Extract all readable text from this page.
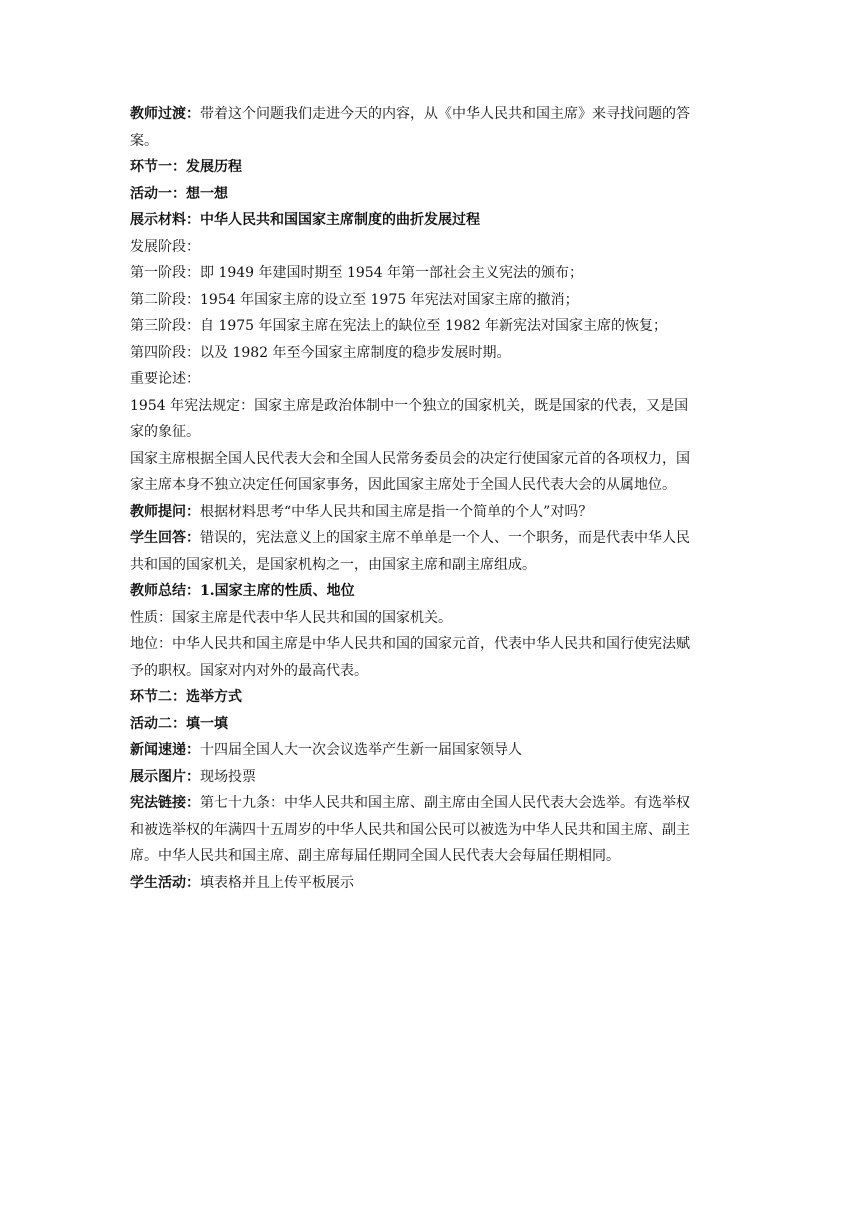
教师过渡：带着这个问题我们走进今天的内容，从《中华人民共和国主席》来寻找问题的答
案。
环节一：发展历程
活动一：想一想
展示材料：中华人民共和国国家主席制度的曲折发展过程
发展阶段：
第一阶段：即 1949 年建国时期至 1954 年第一部社会主义宪法的颁布；
第二阶段：1954 年国家主席的设立至 1975 年宪法对国家主席的撤消；
第三阶段：自 1975 年国家主席在宪法上的缺位至 1982 年新宪法对国家主席的恢复；
第四阶段：以及 1982 年至今国家主席制度的稳步发展时期。
重要论述：
1954 年宪法规定：国家主席是政治体制中一个独立的国家机关，既是国家的代表，又是国
家的象征。
国家主席根据全国人民代表大会和全国人民常务委员会的决定行使国家元首的各项权力，国
家主席本身不独立决定任何国家事务，因此国家主席处于全国人民代表大会的从属地位。
教师提问：根据材料思考“中华人民共和国主席是指一个简单的个人”对吗？
学生回答：错误的，宪法意义上的国家主席不单单是一个人、一个职务，而是代表中华人民
共和国的国家机关，是国家机构之一，由国家主席和副主席组成。
教师总结：1.国家主席的性质、地位
性质：国家主席是代表中华人民共和国的国家机关。
地位：中华人民共和国主席是中华人民共和国的国家元首，代表中华人民共和国行使宪法赋
予的职权。国家对内对外的最高代表。
环节二：选举方式
活动二：填一填
新闻速递：十四届全国人大一次会议选举产生新一届国家领导人
展示图片：现场投票
宪法链接：第七十九条：中华人民共和国主席、副主席由全国人民代表大会选举。有选举权
和被选举权的年满四十五周岁的中华人民共和国公民可以被选为中华人民共和国主席、副主
席。中华人民共和国主席、副主席每届任期同全国人民代表大会每届任期相同。
学生活动：填表格并且上传平板展示
